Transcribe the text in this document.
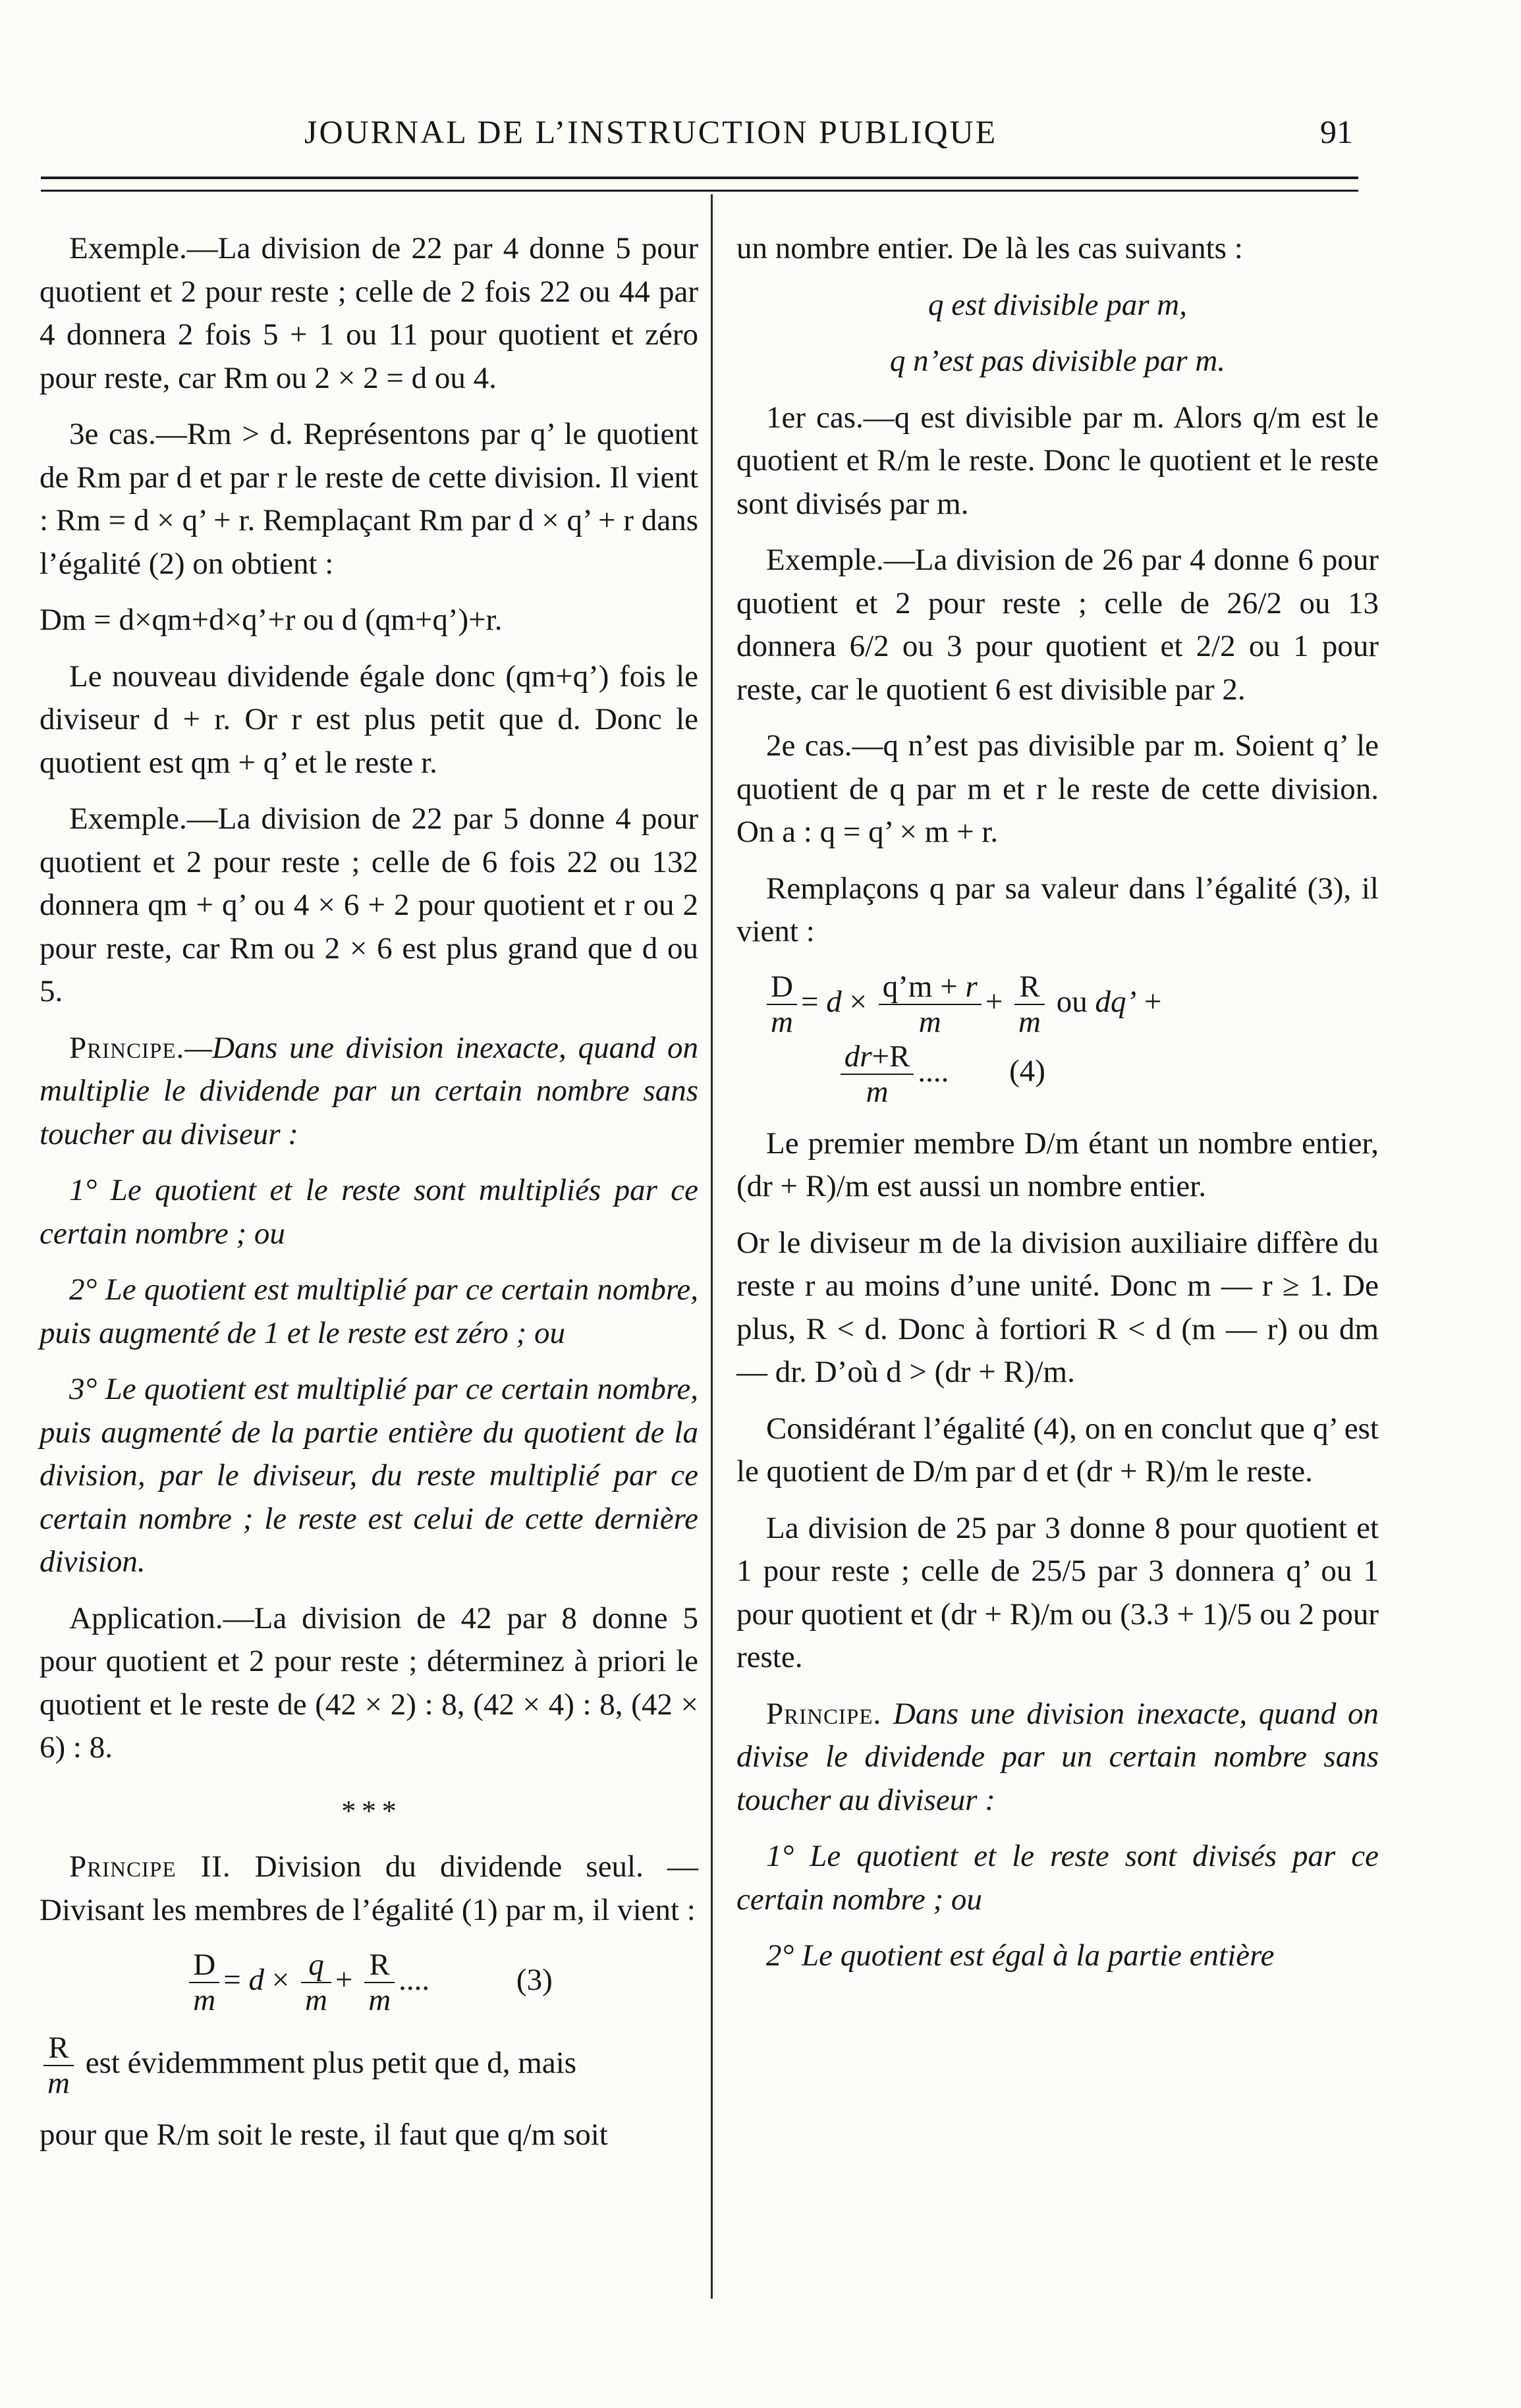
JOURNAL DE L’INSTRUCTION PUBLIQUE	91

Exemple.—La division de 22 par 4 donne 5 pour quotient et 2 pour reste ; celle de 2 fois 22 ou 44 par 4 donnera 2 fois 5 + 1 ou 11 pour quotient et zéro pour reste, car Rm ou 2 × 2 = d ou 4.

3e cas.—Rm > d. Représentons par q’ le quotient de Rm par d et par r le reste de cette division. Il vient : Rm = d × q’ + r. Remplaçant Rm par d × q’ + r dans l’égalité (2) on obtient :

Dm = d×qm+d×q’+r ou d (qm+q’)+r.

Le nouveau dividende égale donc (qm+q’) fois le diviseur d + r. Or r est plus petit que d. Donc le quotient est qm + q’ et le reste r.

Exemple.—La division de 22 par 5 donne 4 pour quotient et 2 pour reste ; celle de 6 fois 22 ou 132 donnera qm + q’ ou 4 × 6 + 2 pour quotient et r ou 2 pour reste, car Rm ou 2 × 6 est plus grand que d ou 5.

Principe.—Dans une division inexacte, quand on multiplie le dividende par un certain nombre sans toucher au diviseur :

1° Le quotient et le reste sont multipliés par ce certain nombre ; ou

2° Le quotient est multiplié par ce certain nombre, puis augmenté de 1 et le reste est zéro ; ou

3° Le quotient est multiplié par ce certain nombre, puis augmenté de la partie entière du quotient de la division, par le diviseur, du reste multiplié par ce certain nombre ; le reste est celui de cette dernière division.

Application.—La division de 42 par 8 donne 5 pour quotient et 2 pour reste ; déterminez à priori le quotient et le reste de (42 × 2) : 8, (42 × 4) : 8, (42 × 6) : 8.

* * *

Principe II. Division du dividende seul. —Divisant les membres de l’égalité (1) par m, il vient :

$\frac{D}{m} = d \times \frac{q}{m} + \frac{R}{m}$ ....	(3)

$\frac{R}{m}$ est évidemmment plus petit que d, mais

pour que R/m soit le reste, il faut que q/m soit

un nombre entier. De là les cas suivants :

q est divisible par m,

q n’est pas divisible par m.

1er cas.—q est divisible par m. Alors q/m est le quotient et R/m le reste. Donc le quotient et le reste sont divisés par m.

Exemple.—La division de 26 par 4 donne 6 pour quotient et 2 pour reste ; celle de 26/2 ou 13 donnera 6/2 ou 3 pour quotient et 2/2 ou 1 pour reste, car le quotient 6 est divisible par 2.

2e cas.—q n’est pas divisible par m. Soient q’ le quotient de q par m et r le reste de cette division. On a : q = q’ × m + r.

Remplaçons q par sa valeur dans l’égalité (3), il vient :

$\frac{D}{m} = d \times \frac{q’m + r}{m} + \frac{R}{m}$ ou dq’ +

$\frac{dr+R}{m}$ .... (4)

Le premier membre D/m étant un nombre entier, (dr + R)/m est aussi un nombre entier.

Or le diviseur m de la division auxiliaire diffère du reste r au moins d’une unité. Donc m — r ≥ 1. De plus, R < d. Donc à fortiori R < d (m — r) ou dm — dr. D’où d > (dr + R)/m.

Considérant l’égalité (4), on en conclut que q’ est le quotient de D/m par d et (dr + R)/m le reste.

La division de 25 par 3 donne 8 pour quotient et 1 pour reste ; celle de 25/5 par 3 donnera q’ ou 1 pour quotient et (dr + R)/m ou (3.3 + 1)/5 ou 2 pour reste.

Principe. Dans une division inexacte, quand on divise le dividende par un certain nombre sans toucher au diviseur :

1° Le quotient et le reste sont divisés par ce certain nombre ; ou

2° Le quotient est égal à la partie entière
